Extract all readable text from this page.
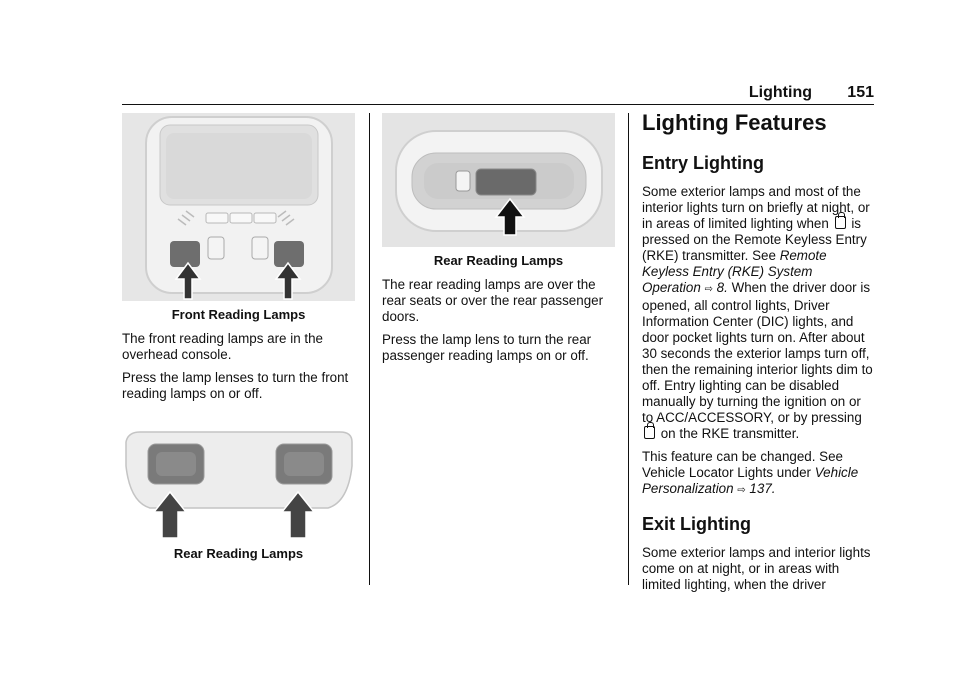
Lighting 151
Front Reading Lamps

The front reading lamps are in the overhead console.

Press the lamp lenses to turn the front reading lamps on or off.

Rear Reading Lamps
Rear Reading Lamps

The rear reading lamps are over the rear seats or over the rear passenger doors.

Press the lamp lens to turn the rear passenger reading lamps on or off.

Lighting Features
Entry Lighting

Some exterior lamps and most of the interior lights turn on briefly at night, or in areas of limited lighting when is pressed on the Remote Keyless Entry (RKE) transmitter. See Remote Keyless Entry (RKE) System Operation ⇨ 8. When the driver door is opened, all control lights, Driver Information Center (DIC) lights, and door pocket lights turn on. After about 30 seconds the exterior lamps turn off, then the remaining interior lights dim to off. Entry lighting can be disabled manually by turning the ignition on or to ACC/ACCESSORY, or by pressing  on the RKE transmitter.

This feature can be changed. See Vehicle Locator Lights under Vehicle Personalization ⇨ 137.

Exit Lighting

Some exterior lamps and interior lights come on at night, or in areas with limited lighting, when the driver
